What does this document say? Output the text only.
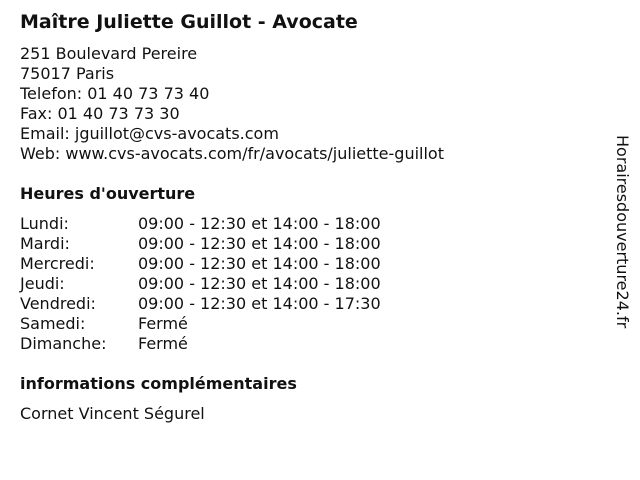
Maître Juliette Guillot - Avocate
251 Boulevard Pereire
75017 Paris
Telefon: 01 40 73 73 40
Fax: 01 40 73 73 30
Email: jguillot@cvs-avocats.com
Web: www.cvs-avocats.com/fr/avocats/juliette-guillot
Heures d'ouverture
Lundi:	09:00 - 12:30 et 14:00 - 18:00
Mardi:	09:00 - 12:30 et 14:00 - 18:00
Mercredi:	09:00 - 12:30 et 14:00 - 18:00
Jeudi:	09:00 - 12:30 et 14:00 - 18:00
Vendredi:	09:00 - 12:30 et 14:00 - 17:30
Samedi:	Fermé
Dimanche:	Fermé
informations complémentaires
Cornet Vincent Ségurel
Horairesdouverture24.fr
